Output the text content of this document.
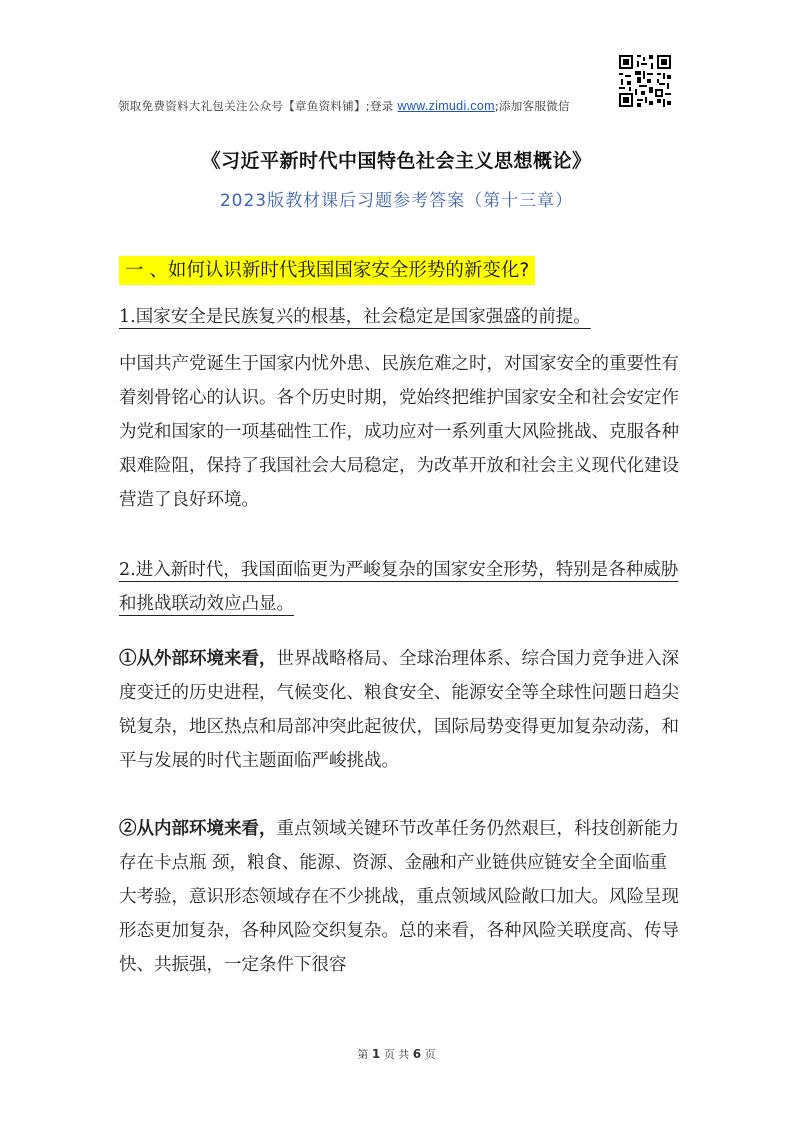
领取免费资料大礼包关注公众号【章鱼资料铺】;登录 www.zimudi.com;添加客服微信
《习近平新时代中国特色社会主义思想概论》
2023版教材课后习题参考答案（第十三章）
一 、如何认识新时代我国国家安全形势的新变化?

1.国家安全是民族复兴的根基，社会稳定是国家强盛的前提。

中国共产党诞生于国家内忧外患、民族危难之时，对国家安全的重要性有着刻骨铭心的认识。各个历史时期，党始终把维护国家安全和社会安定作为党和国家的一项基础性工作，成功应对一系列重大风险挑战、克服各种艰难险阻，保持了我国社会大局稳定，为改革开放和社会主义现代化建设营造了良好环境。

2.进入新时代，我国面临更为严峻复杂的国家安全形势，特别是各种威胁和挑战联动效应凸显。

①从外部环境来看，世界战略格局、全球治理体系、综合国力竞争进入深度变迁的历史进程，气候变化、粮食安全、能源安全等全球性问题日趋尖锐复杂，地区热点和局部冲突此起彼伏，国际局势变得更加复杂动荡，和平与发展的时代主题面临严峻挑战。

②从内部环境来看，重点领域关键环节改革任务仍然艰巨，科技创新能力存在卡点瓶 颈，粮食、能源、资源、金融和产业链供应链安全全面临重大考验，意识形态领域存在不少挑战，重点领域风险敞口加大。风险呈现形态更加复杂，各种风险交织复杂。总的来看，各种风险关联度高、传导快、共振强，一定条件下很容

第 1 页 共 6 页
